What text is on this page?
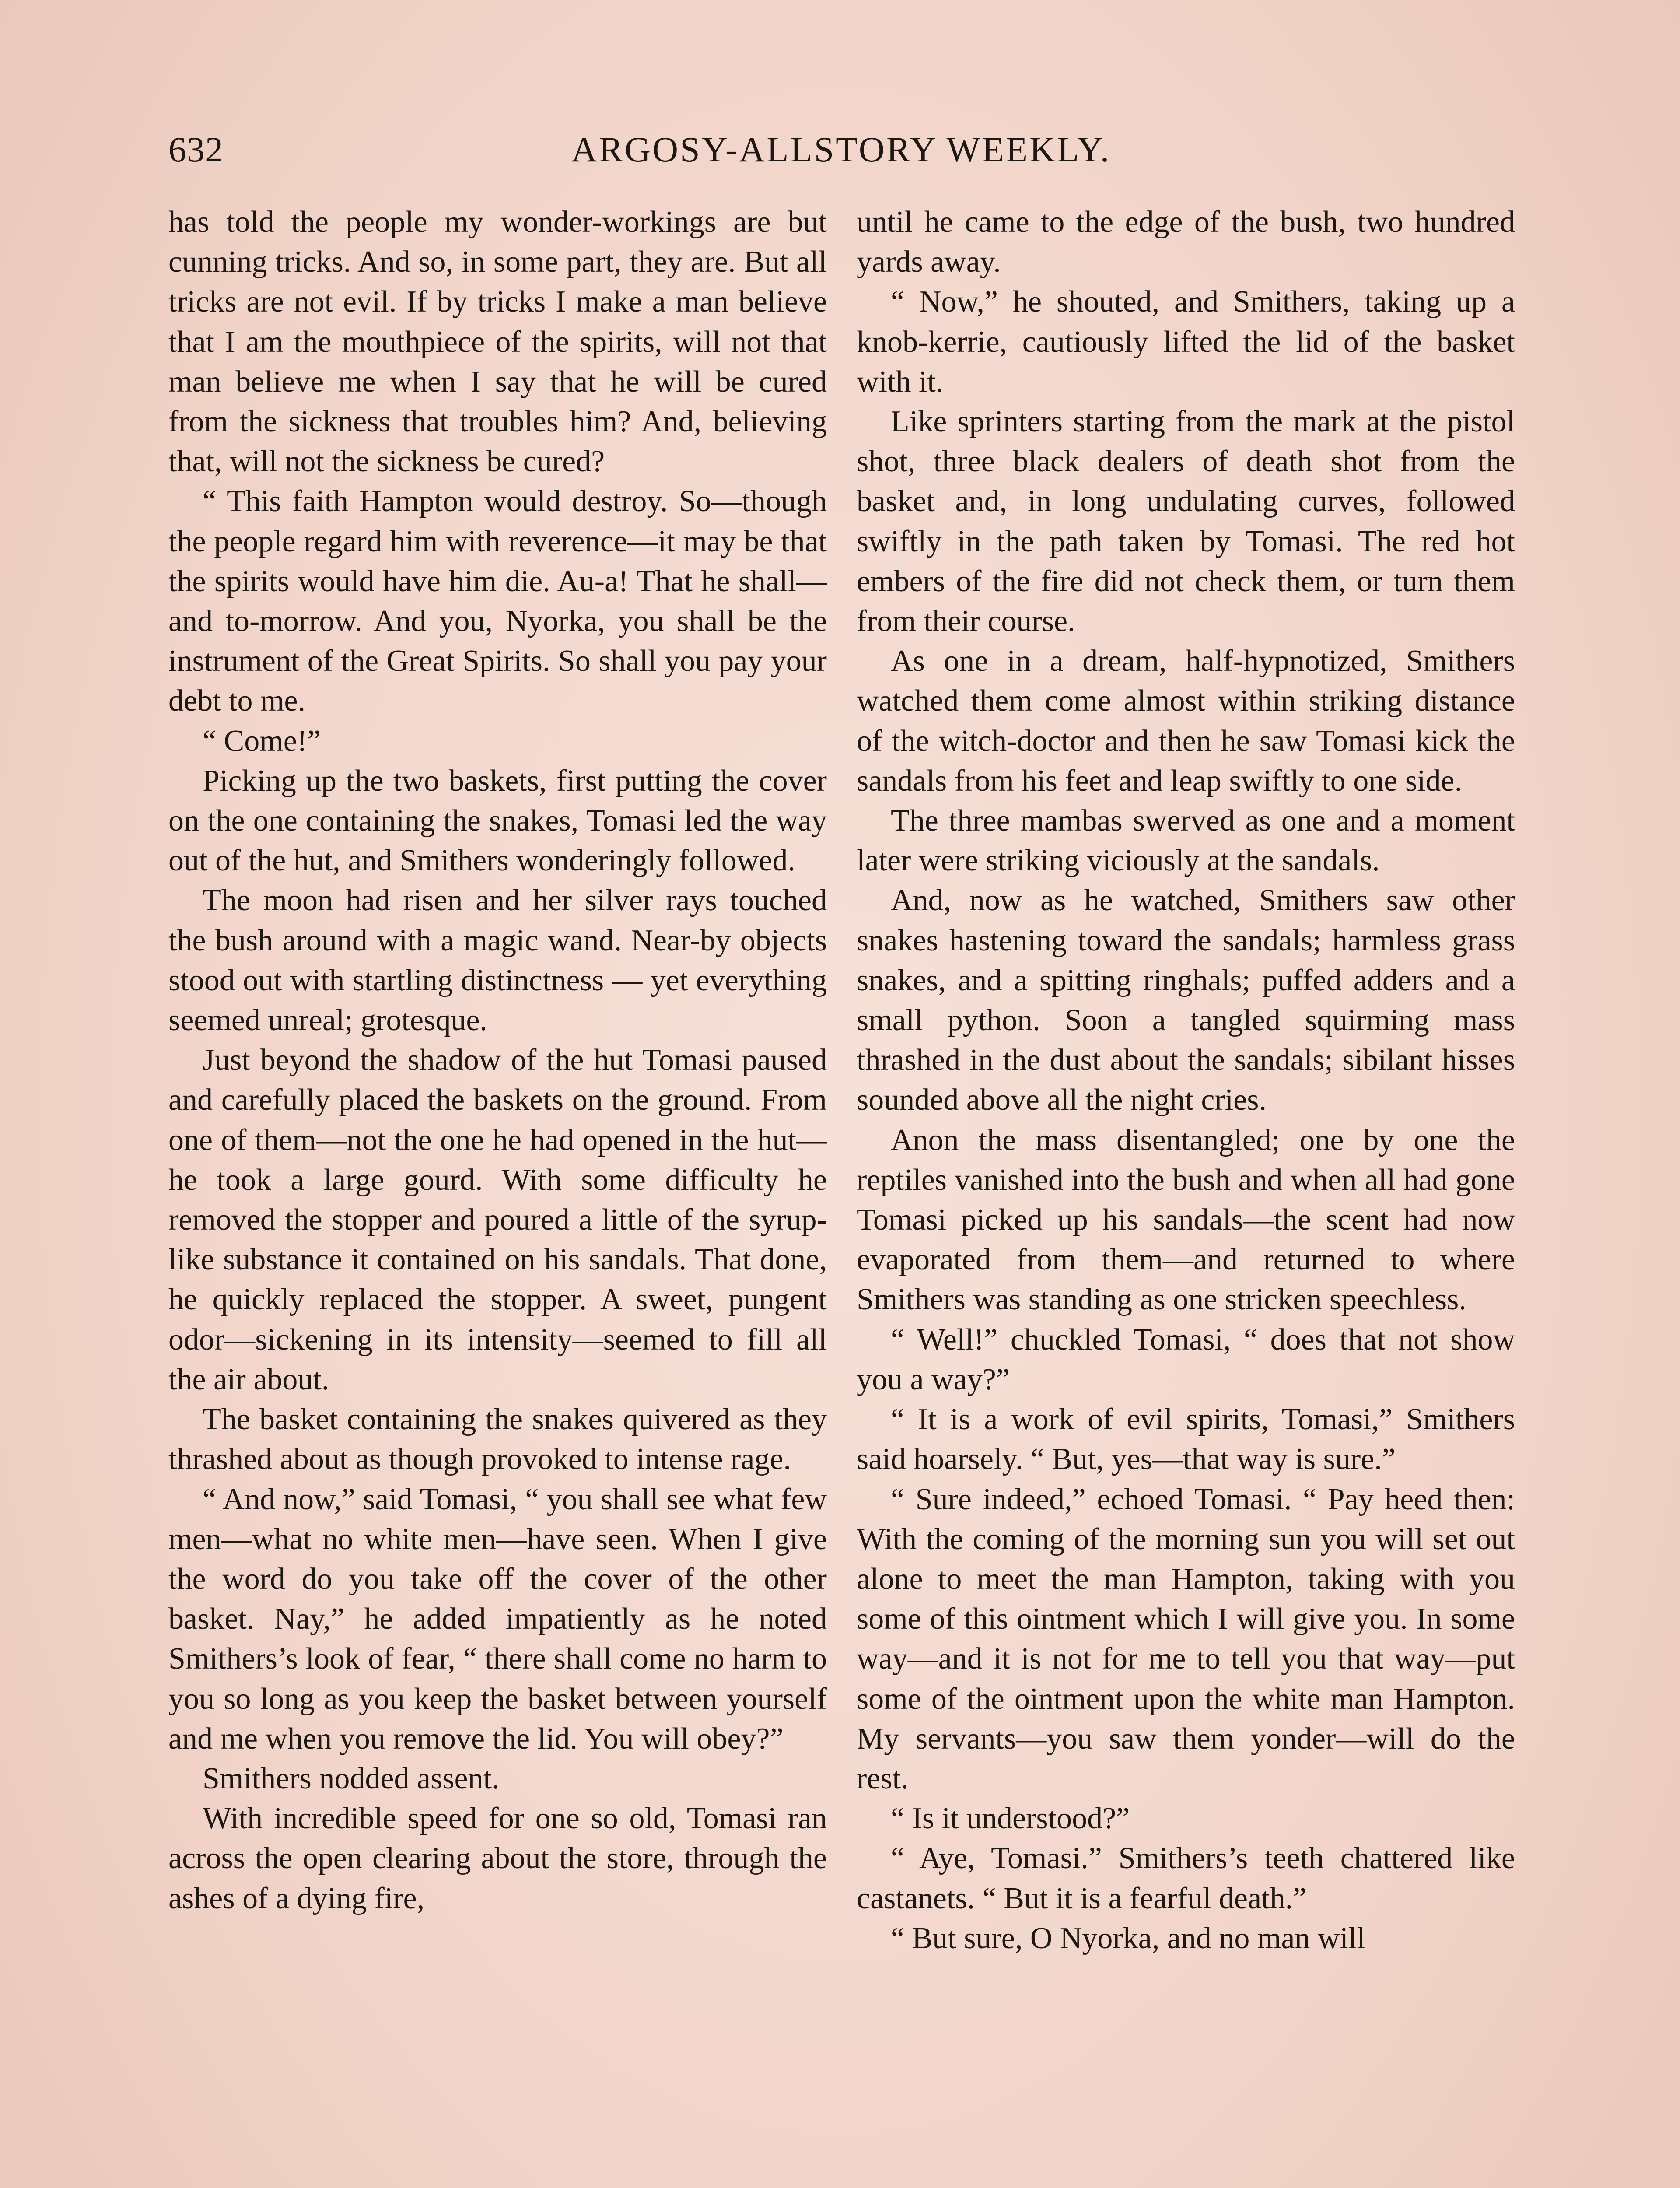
632	ARGOSY-ALLSTORY WEEKLY.

has told the people my wonder-workings are but cunning tricks. And so, in some part, they are. But all tricks are not evil. If by tricks I make a man believe that I am the mouthpiece of the spirits, will not that man believe me when I say that he will be cured from the sickness that troubles him? And, believing that, will not the sickness be cured?

“ This faith Hampton would destroy. So—though the people regard him with reverence—it may be that the spirits would have him die. Au-a! That he shall—and to-morrow. And you, Nyorka, you shall be the instrument of the Great Spirits. So shall you pay your debt to me.

“ Come!”

Picking up the two baskets, first putting the cover on the one containing the snakes, Tomasi led the way out of the hut, and Smithers wonderingly followed.

The moon had risen and her silver rays touched the bush around with a magic wand. Near-by objects stood out with startling distinctness — yet everything seemed unreal; grotesque.

Just beyond the shadow of the hut Tomasi paused and carefully placed the baskets on the ground. From one of them—not the one he had opened in the hut—he took a large gourd. With some difficulty he removed the stopper and poured a little of the syrup-like substance it contained on his sandals. That done, he quickly replaced the stopper. A sweet, pungent odor—sickening in its intensity—seemed to fill all the air about.

The basket containing the snakes quivered as they thrashed about as though provoked to intense rage.

“ And now,” said Tomasi, “ you shall see what few men—what no white men—have seen. When I give the word do you take off the cover of the other basket. Nay,” he added impatiently as he noted Smithers’s look of fear, “ there shall come no harm to you so long as you keep the basket between yourself and me when you remove the lid. You will obey?”

Smithers nodded assent.

With incredible speed for one so old, Tomasi ran across the open clearing about the store, through the ashes of a dying fire,

until he came to the edge of the bush, two hundred yards away.

“ Now,” he shouted, and Smithers, taking up a knob-kerrie, cautiously lifted the lid of the basket with it.

Like sprinters starting from the mark at the pistol shot, three black dealers of death shot from the basket and, in long undulating curves, followed swiftly in the path taken by Tomasi. The red hot embers of the fire did not check them, or turn them from their course.

As one in a dream, half-hypnotized, Smithers watched them come almost within striking distance of the witch-doctor and then he saw Tomasi kick the sandals from his feet and leap swiftly to one side.

The three mambas swerved as one and a moment later were striking viciously at the sandals.

And, now as he watched, Smithers saw other snakes hastening toward the sandals; harmless grass snakes, and a spitting ringhals; puffed adders and a small python. Soon a tangled squirming mass thrashed in the dust about the sandals; sibilant hisses sounded above all the night cries.

Anon the mass disentangled; one by one the reptiles vanished into the bush and when all had gone Tomasi picked up his sandals—the scent had now evaporated from them—and returned to where Smithers was standing as one stricken speechless.

“ Well!” chuckled Tomasi, “ does that not show you a way?”

“ It is a work of evil spirits, Tomasi,” Smithers said hoarsely. “ But, yes—that way is sure.”

“ Sure indeed,” echoed Tomasi. “ Pay heed then: With the coming of the morning sun you will set out alone to meet the man Hampton, taking with you some of this ointment which I will give you. In some way—and it is not for me to tell you that way—put some of the ointment upon the white man Hampton. My servants—you saw them yonder—will do the rest.

“ Is it understood?”

“ Aye, Tomasi.” Smithers’s teeth chattered like castanets. “ But it is a fearful death.”

“ But sure, O Nyorka, and no man will
